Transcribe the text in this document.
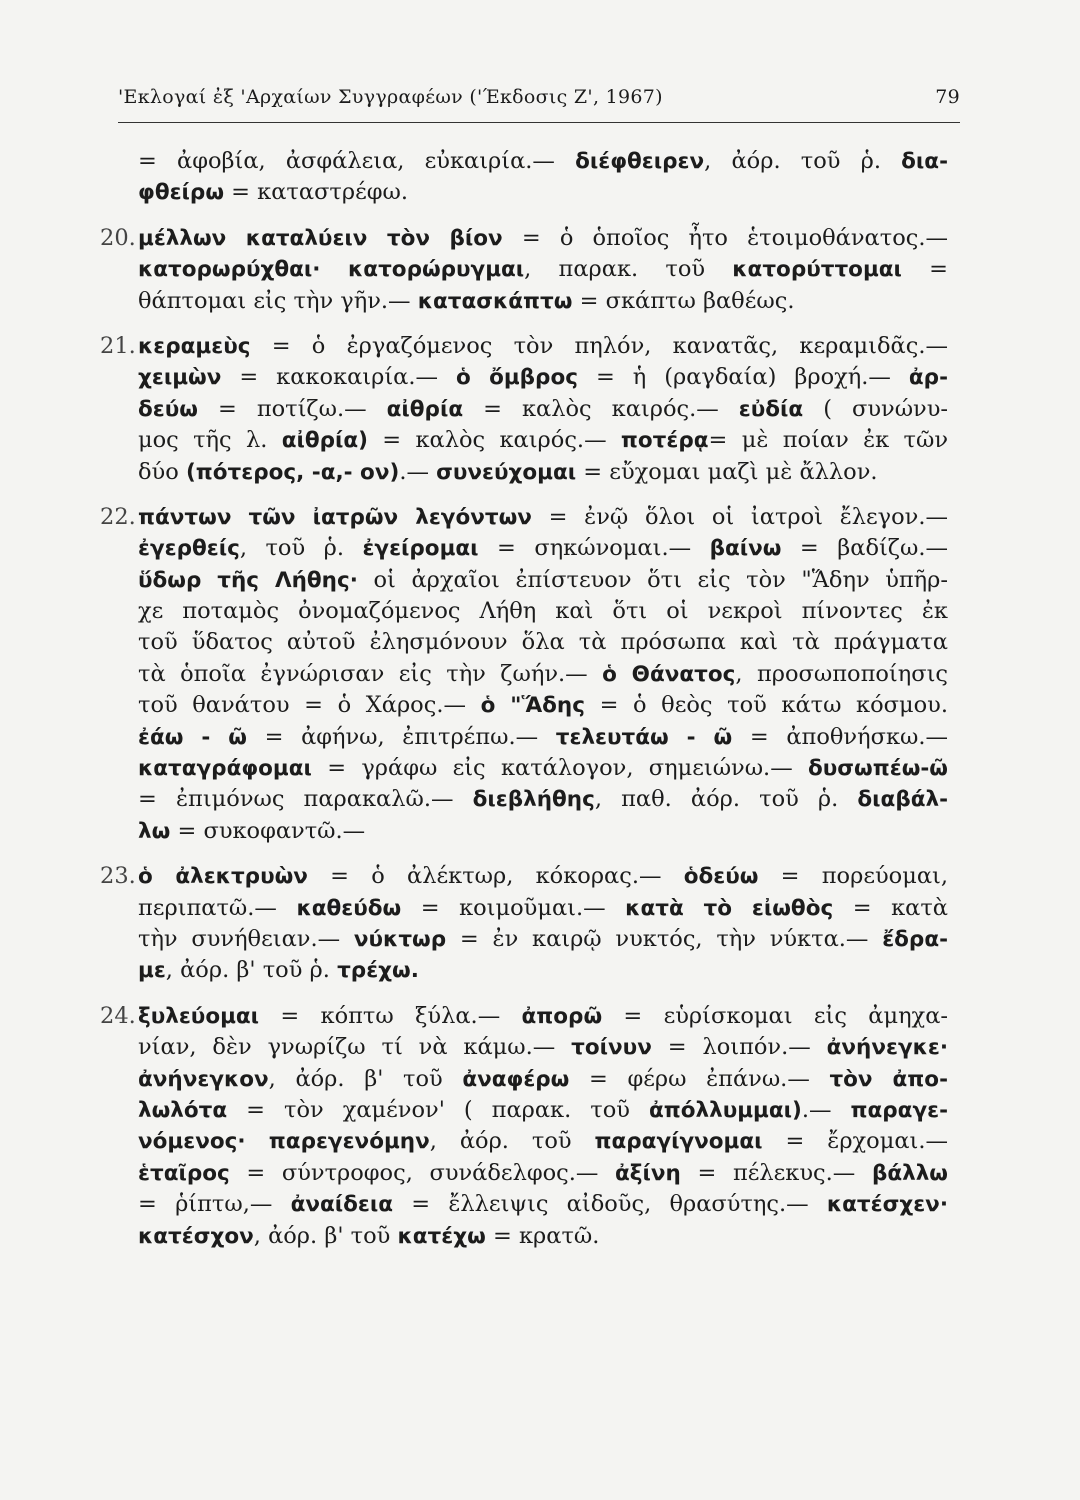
'Εκλογαί ἐξ 'Αρχαίων Συγγραφέων ('Έκδοσις Ζ', 1967)	79
= ἀφοβία, ἀσφάλεια, εὐκαιρία.— διέφθειρεν, ἀόρ. τοῦ ῥ. δια-
φθείρω = καταστρέφω.
20. μέλλων καταλύειν τὸν βίον = ὁ ὁποῖος ἦτο ἑτοιμοθάνατος.—
κατορωρύχθαι· κατορώρυγμαι, παρακ. τοῦ κατορύττομαι =
θάπτομαι εἰς τὴν γῆν.— κατασκάπτω = σκάπτω βαθέως.
21. κεραμεὺς = ὁ ἐργαζόμενος τὸν πηλόν, κανατᾶς, κεραμιδᾶς.—
χειμὼν = κακοκαιρία.— ὁ ὄμβρος = ἡ (ραγδαία) βροχή.— ἀρ-
δεύω = ποτίζω.— αἰθρία = καλὸς καιρός.— εὐδία ( συνώνυ-
μος τῆς λ. αἰθρία) = καλὸς καιρός.— ποτέρᾳ= μὲ ποίαν ἐκ τῶν
δύο (πότερος, -α,- ον).— συνεύχομαι = εὔχομαι μαζὶ μὲ ἄλλον.
22. πάντων τῶν ἰατρῶν λεγόντων = ἐνῷ ὅλοι οἱ ἰατροὶ ἔλεγον.—
ἐγερθείς, τοῦ ῥ. ἐγείρομαι = σηκώνομαι.— βαίνω = βαδίζω.—
ὕδωρ τῆς Λήθης· οἱ ἀρχαῖοι ἐπίστευον ὅτι εἰς τὸν "Ἅδην ὑπῆρ-
χε ποταμὸς ὀνομαζόμενος Λήθη καὶ ὅτι οἱ νεκροὶ πίνοντες ἐκ
τοῦ ὕδατος αὐτοῦ ἐλησμόνουν ὅλα τὰ πρόσωπα καὶ τὰ πράγματα
τὰ ὁποῖα ἐγνώρισαν εἰς τὴν ζωήν.— ὁ Θάνατος, προσωποποίησις
τοῦ θανάτου = ὁ Χάρος.— ὁ "Ἅδης = ὁ θεὸς τοῦ κάτω κόσμου.
ἐάω - ῶ = ἀφήνω, ἐπιτρέπω.— τελευτάω - ῶ = ἀποθνήσκω.—
καταγράφομαι = γράφω εἰς κατάλογον, σημειώνω.— δυσωπέω-ῶ
= ἐπιμόνως παρακαλῶ.— διεβλήθης, παθ. ἀόρ. τοῦ ῥ. διαβάλ-
λω = συκοφαντῶ.—
23. ὁ ἀλεκτρυὼν = ὁ ἀλέκτωρ, κόκορας.— ὁδεύω = πορεύομαι,
περιπατῶ.— καθεύδω = κοιμοῦμαι.— κατὰ τὸ εἰωθὸς = κατὰ
τὴν συνήθειαν.— νύκτωρ = ἐν καιρῷ νυκτός, τὴν νύκτα.— ἔδρα-
με, ἀόρ. β' τοῦ ῥ. τρέχω.
24. ξυλεύομαι = κόπτω ξύλα.— ἀπορῶ = εὑρίσκομαι εἰς ἀμηχα-
νίαν, δὲν γνωρίζω τί νὰ κάμω.— τοίνυν = λοιπόν.— ἀνήνεγκε·
ἀνήνεγκον, ἀόρ. β' τοῦ ἀναφέρω = φέρω ἐπάνω.— τὸν ἀπο-
λωλότα = τὸν χαμένον' ( παρακ. τοῦ ἀπόλλυμμαι).— παραγε-
νόμενος· παρεγενόμην, ἀόρ. τοῦ παραγίγνομαι = ἔρχομαι.—
ἑταῖρος = σύντροφος, συνάδελφος.— ἀξίνη = πέλεκυς.— βάλλω
= ῥίπτω,— ἀναίδεια = ἔλλειψις αἰδοῦς, θρασύτης.— κατέσχεν·
κατέσχον, ἀόρ. β' τοῦ κατέχω = κρατῶ.
